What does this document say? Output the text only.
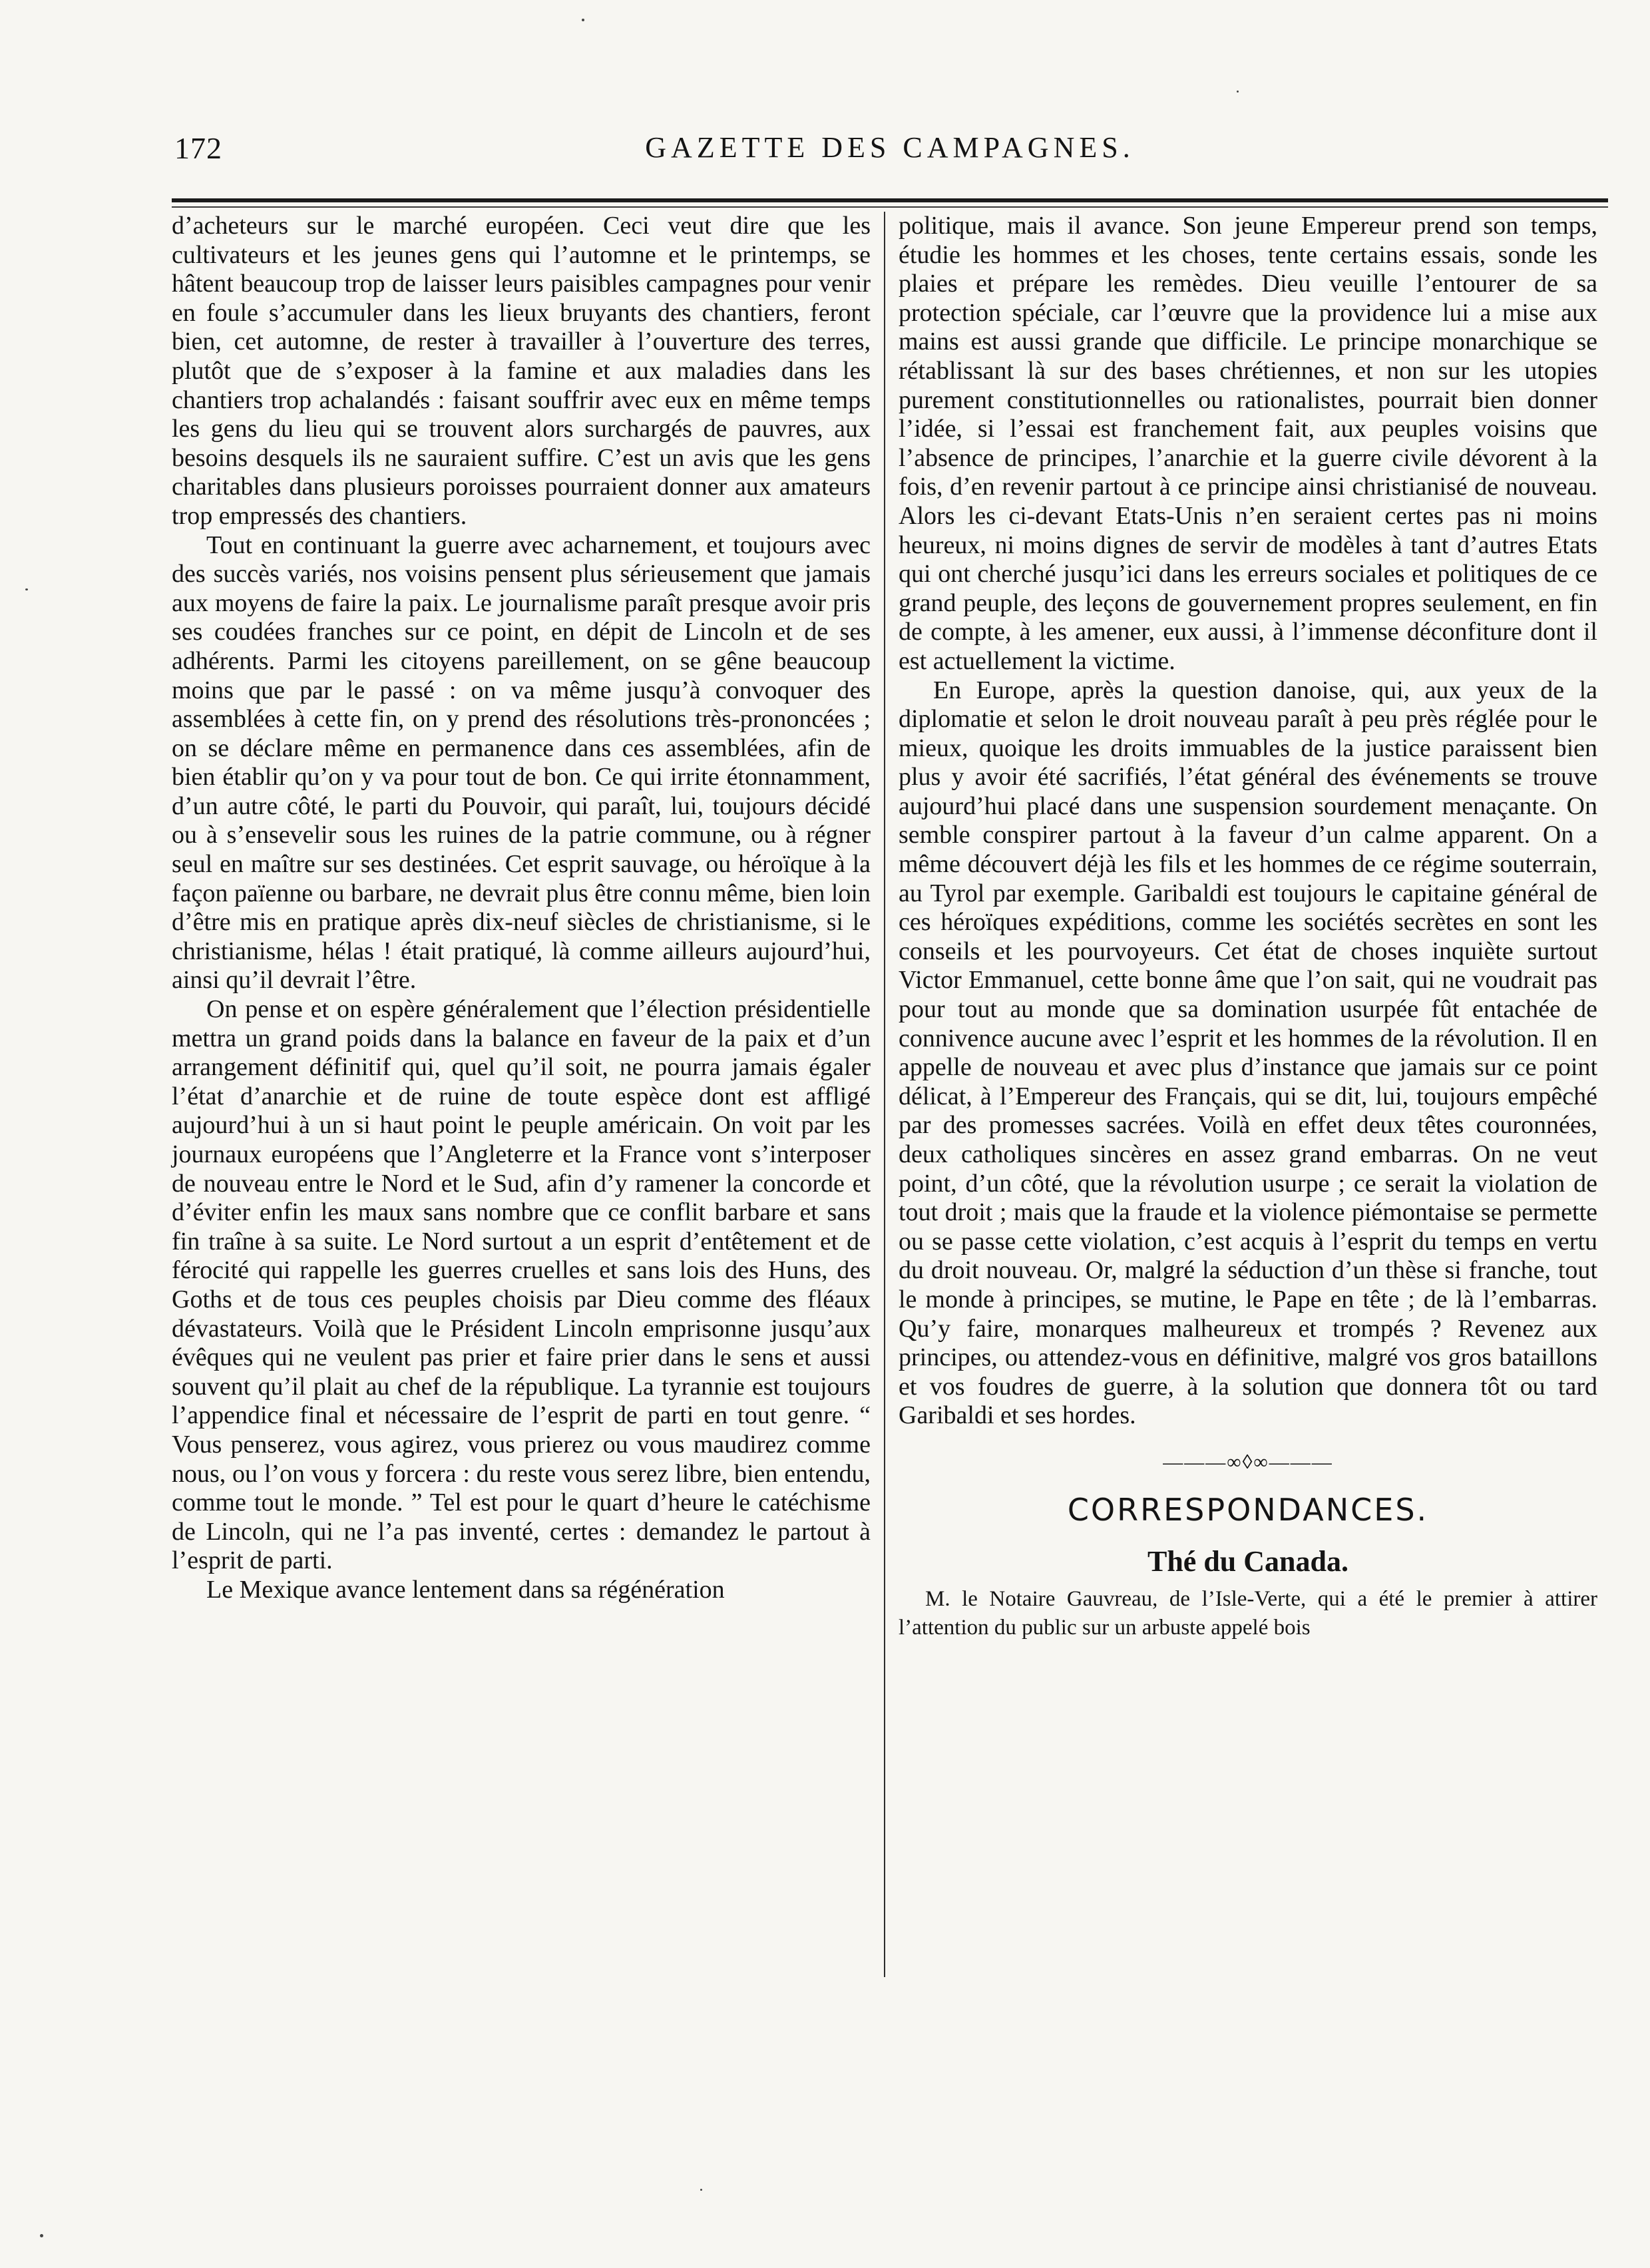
172	GAZETTE DES CAMPAGNES.

d’acheteurs sur le marché européen. Ceci veut dire que les cultivateurs et les jeunes gens qui l’automne et le printemps, se hâtent beaucoup trop de laisser leurs paisibles campagnes pour venir en foule s’accumuler dans les lieux bruyants des chantiers, feront bien, cet automne, de rester à travailler à l’ouverture des terres, plutôt que de s’exposer à la famine et aux maladies dans les chantiers trop achalandés : faisant souffrir avec eux en même temps les gens du lieu qui se trouvent alors surchargés de pauvres, aux besoins desquels ils ne sauraient suffire. C’est un avis que les gens charitables dans plusieurs poroisses pourraient donner aux amateurs trop empressés des chantiers.

Tout en continuant la guerre avec acharnement, et toujours avec des succès variés, nos voisins pensent plus sérieusement que jamais aux moyens de faire la paix. Le journalisme paraît presque avoir pris ses coudées franches sur ce point, en dépit de Lincoln et de ses adhérents. Parmi les citoyens pareillement, on se gêne beaucoup moins que par le passé : on va même jusqu’à convoquer des assemblées à cette fin, on y prend des résolutions très-prononcées ; on se déclare même en permanence dans ces assemblées, afin de bien établir qu’on y va pour tout de bon. Ce qui irrite étonnamment, d’un autre côté, le parti du Pouvoir, qui paraît, lui, toujours décidé ou à s’ensevelir sous les ruines de la patrie commune, ou à régner seul en maître sur ses destinées. Cet esprit sauvage, ou héroïque à la façon païenne ou barbare, ne devrait plus être connu même, bien loin d’être mis en pratique après dix-neuf siècles de christianisme, si le christianisme, hélas ! était pratiqué, là comme ailleurs aujourd’hui, ainsi qu’il devrait l’être.

On pense et on espère généralement que l’élection présidentielle mettra un grand poids dans la balance en faveur de la paix et d’un arrangement définitif qui, quel qu’il soit, ne pourra jamais égaler l’état d’anarchie et de ruine de toute espèce dont est affligé aujourd’hui à un si haut point le peuple américain. On voit par les journaux européens que l’Angleterre et la France vont s’interposer de nouveau entre le Nord et le Sud, afin d’y ramener la concorde et d’éviter enfin les maux sans nombre que ce conflit barbare et sans fin traîne à sa suite. Le Nord surtout a un esprit d’entêtement et de férocité qui rappelle les guerres cruelles et sans lois des Huns, des Goths et de tous ces peuples choisis par Dieu comme des fléaux dévastateurs. Voilà que le Président Lincoln emprisonne jusqu’aux évêques qui ne veulent pas prier et faire prier dans le sens et aussi souvent qu’il plait au chef de la république. La tyrannie est toujours l’appendice final et nécessaire de l’esprit de parti en tout genre. “ Vous penserez, vous agirez, vous prierez ou vous maudirez comme nous, ou l’on vous y forcera : du reste vous serez libre, bien entendu, comme tout le monde. ” Tel est pour le quart d’heure le catéchisme de Lincoln, qui ne l’a pas inventé, certes : demandez le partout à l’esprit de parti.

Le Mexique avance lentement dans sa régénération

politique, mais il avance. Son jeune Empereur prend son temps, étudie les hommes et les choses, tente certains essais, sonde les plaies et prépare les remèdes. Dieu veuille l’entourer de sa protection spéciale, car l’œuvre que la providence lui a mise aux mains est aussi grande que difficile. Le principe monarchique se rétablissant là sur des bases chrétiennes, et non sur les utopies purement constitutionnelles ou rationalistes, pourrait bien donner l’idée, si l’essai est franchement fait, aux peuples voisins que l’absence de principes, l’anarchie et la guerre civile dévorent à la fois, d’en revenir partout à ce principe ainsi christianisé de nouveau. Alors les ci-devant Etats-Unis n’en seraient certes pas ni moins heureux, ni moins dignes de servir de modèles à tant d’autres Etats qui ont cherché jusqu’ici dans les erreurs sociales et politiques de ce grand peuple, des leçons de gouvernement propres seulement, en fin de compte, à les amener, eux aussi, à l’immense déconfiture dont il est actuellement la victime.

En Europe, après la question danoise, qui, aux yeux de la diplomatie et selon le droit nouveau paraît à peu près réglée pour le mieux, quoique les droits immuables de la justice paraissent bien plus y avoir été sacrifiés, l’état général des événements se trouve aujourd’hui placé dans une suspension sourdement menaçante. On semble conspirer partout à la faveur d’un calme apparent. On a même découvert déjà les fils et les hommes de ce régime souterrain, au Tyrol par exemple. Garibaldi est toujours le capitaine général de ces héroïques expéditions, comme les sociétés secrètes en sont les conseils et les pourvoyeurs. Cet état de choses inquiète surtout Victor Emmanuel, cette bonne âme que l’on sait, qui ne voudrait pas pour tout au monde que sa domination usurpée fût entachée de connivence aucune avec l’esprit et les hommes de la révolution. Il en appelle de nouveau et avec plus d’instance que jamais sur ce point délicat, à l’Empereur des Français, qui se dit, lui, toujours empêché par des promesses sacrées. Voilà en effet deux têtes couronnées, deux catholiques sincères en assez grand embarras. On ne veut point, d’un côté, que la révolution usurpe ; ce serait la violation de tout droit ; mais que la fraude et la violence piémontaise se permette ou se passe cette violation, c’est acquis à l’esprit du temps en vertu du droit nouveau. Or, malgré la séduction d’un thèse si franche, tout le monde à principes, se mutine, le Pape en tête ; de là l’embarras. Qu’y faire, monarques malheureux et trompés ? Revenez aux principes, ou attendez-vous en définitive, malgré vos gros bataillons et vos foudres de guerre, à la solution que donnera tôt ou tard Garibaldi et ses hordes.

———∞◊∞———
CORRESPONDANCES.
Thé du Canada.

M. le Notaire Gauvreau, de l’Isle-Verte, qui a été le premier à attirer l’attention du public sur un arbuste appelé bois
